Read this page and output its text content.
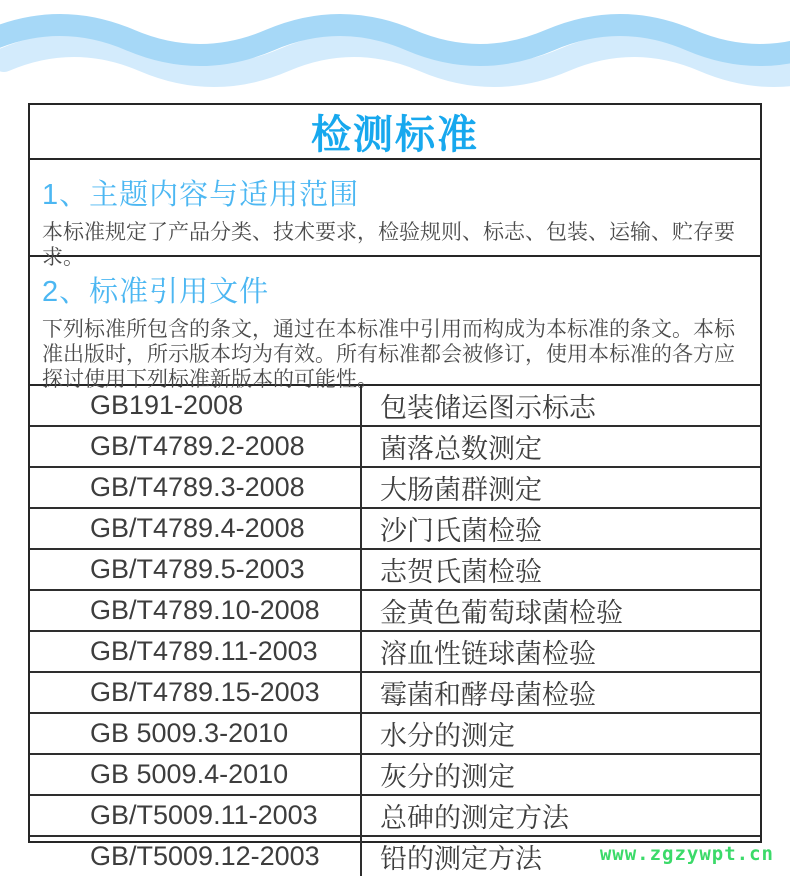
检测标准
1、主题内容与适用范围
本标准规定了产品分类、技术要求，检验规则、标志、包装、运输、贮存要求。
2、标准引用文件
下列标准所包含的条文，通过在本标准中引用而构成为本标准的条文。本标准出版时，所示版本均为有效。所有标准都会被修订，使用本标准的各方应探讨使用下列标准新版本的可能性。
GB191-2008	包装储运图示标志
GB/T4789.2-2008	菌落总数测定
GB/T4789.3-2008	大肠菌群测定
GB/T4789.4-2008	沙门氏菌检验
GB/T4789.5-2003	志贺氏菌检验
GB/T4789.10-2008	金黄色葡萄球菌检验
GB/T4789.11-2003	溶血性链球菌检验
GB/T4789.15-2003	霉菌和酵母菌检验
GB 5009.3-2010	水分的测定
GB 5009.4-2010	灰分的测定
GB/T5009.11-2003	总砷的测定方法
GB/T5009.12-2003	铅的测定方法	www.zgzywpt.cn
